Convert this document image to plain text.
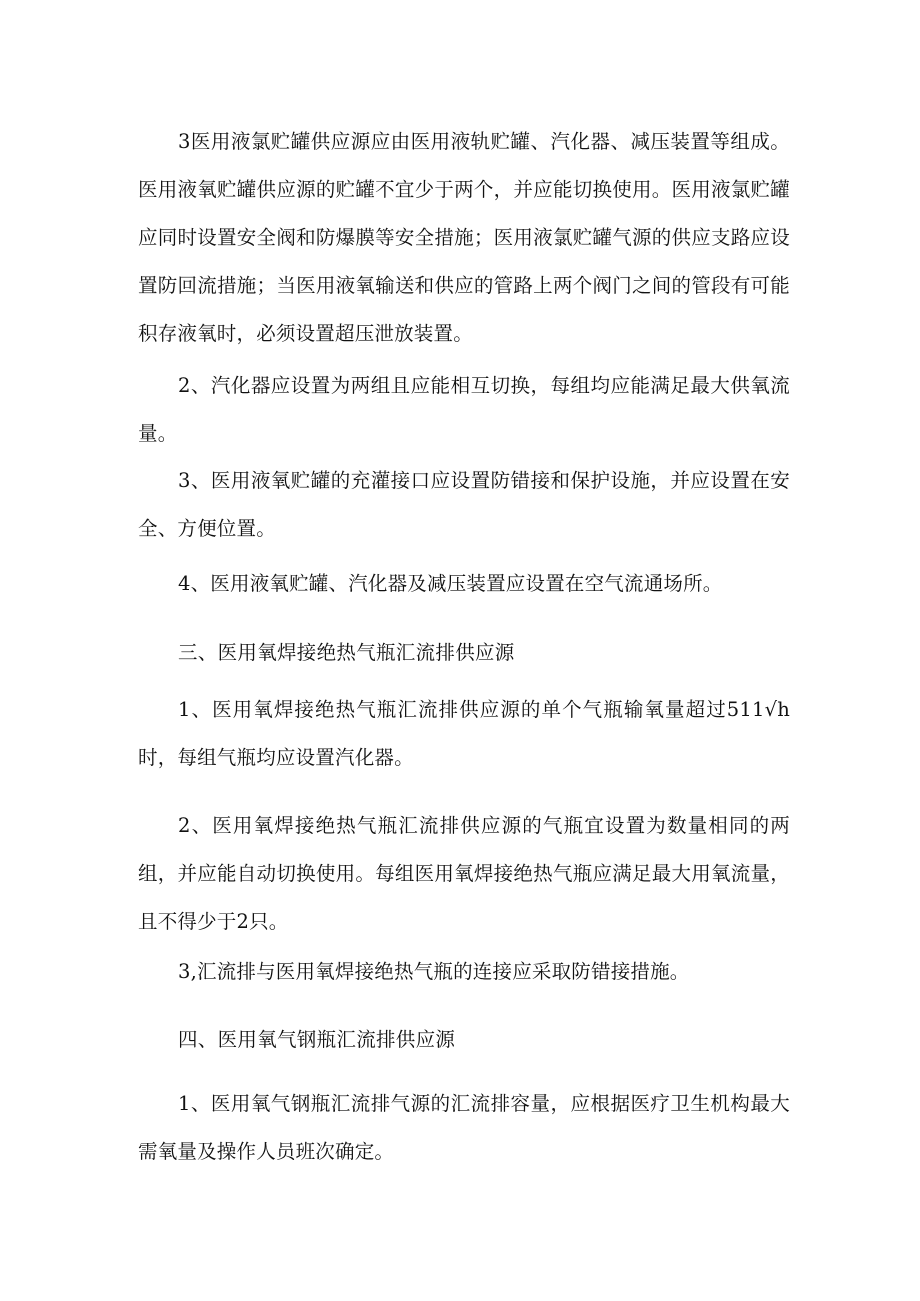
3医用液氯贮罐供应源应由医用液轨贮罐、汽化器、减压装置等组成。医用液氧贮罐供应源的贮罐不宜少于两个，并应能切换使用。医用液氯贮罐应同时设置安全阀和防爆膜等安全措施；医用液氯贮罐气源的供应支路应设置防回流措施；当医用液氧输送和供应的管路上两个阀门之间的管段有可能积存液氧时，必须设置超压泄放装置。

2、汽化器应设置为两组且应能相互切换，每组均应能满足最大供氧流量。

3、医用液氧贮罐的充灌接口应设置防错接和保护设施，并应设置在安全、方便位置。

4、医用液氧贮罐、汽化器及减压装置应设置在空气流通场所。

三、医用氧焊接绝热气瓶汇流排供应源

1、医用氧焊接绝热气瓶汇流排供应源的单个气瓶输氧量超过511√h时，每组气瓶均应设置汽化器。

2、医用氧焊接绝热气瓶汇流排供应源的气瓶宜设置为数量相同的两组，并应能自动切换使用。每组医用氧焊接绝热气瓶应满足最大用氧流量，且不得少于2只。

3,汇流排与医用氧焊接绝热气瓶的连接应采取防错接措施。

四、医用氧气钢瓶汇流排供应源

1、医用氧气钢瓶汇流排气源的汇流排容量，应根据医疗卫生机构最大需氧量及操作人员班次确定。
